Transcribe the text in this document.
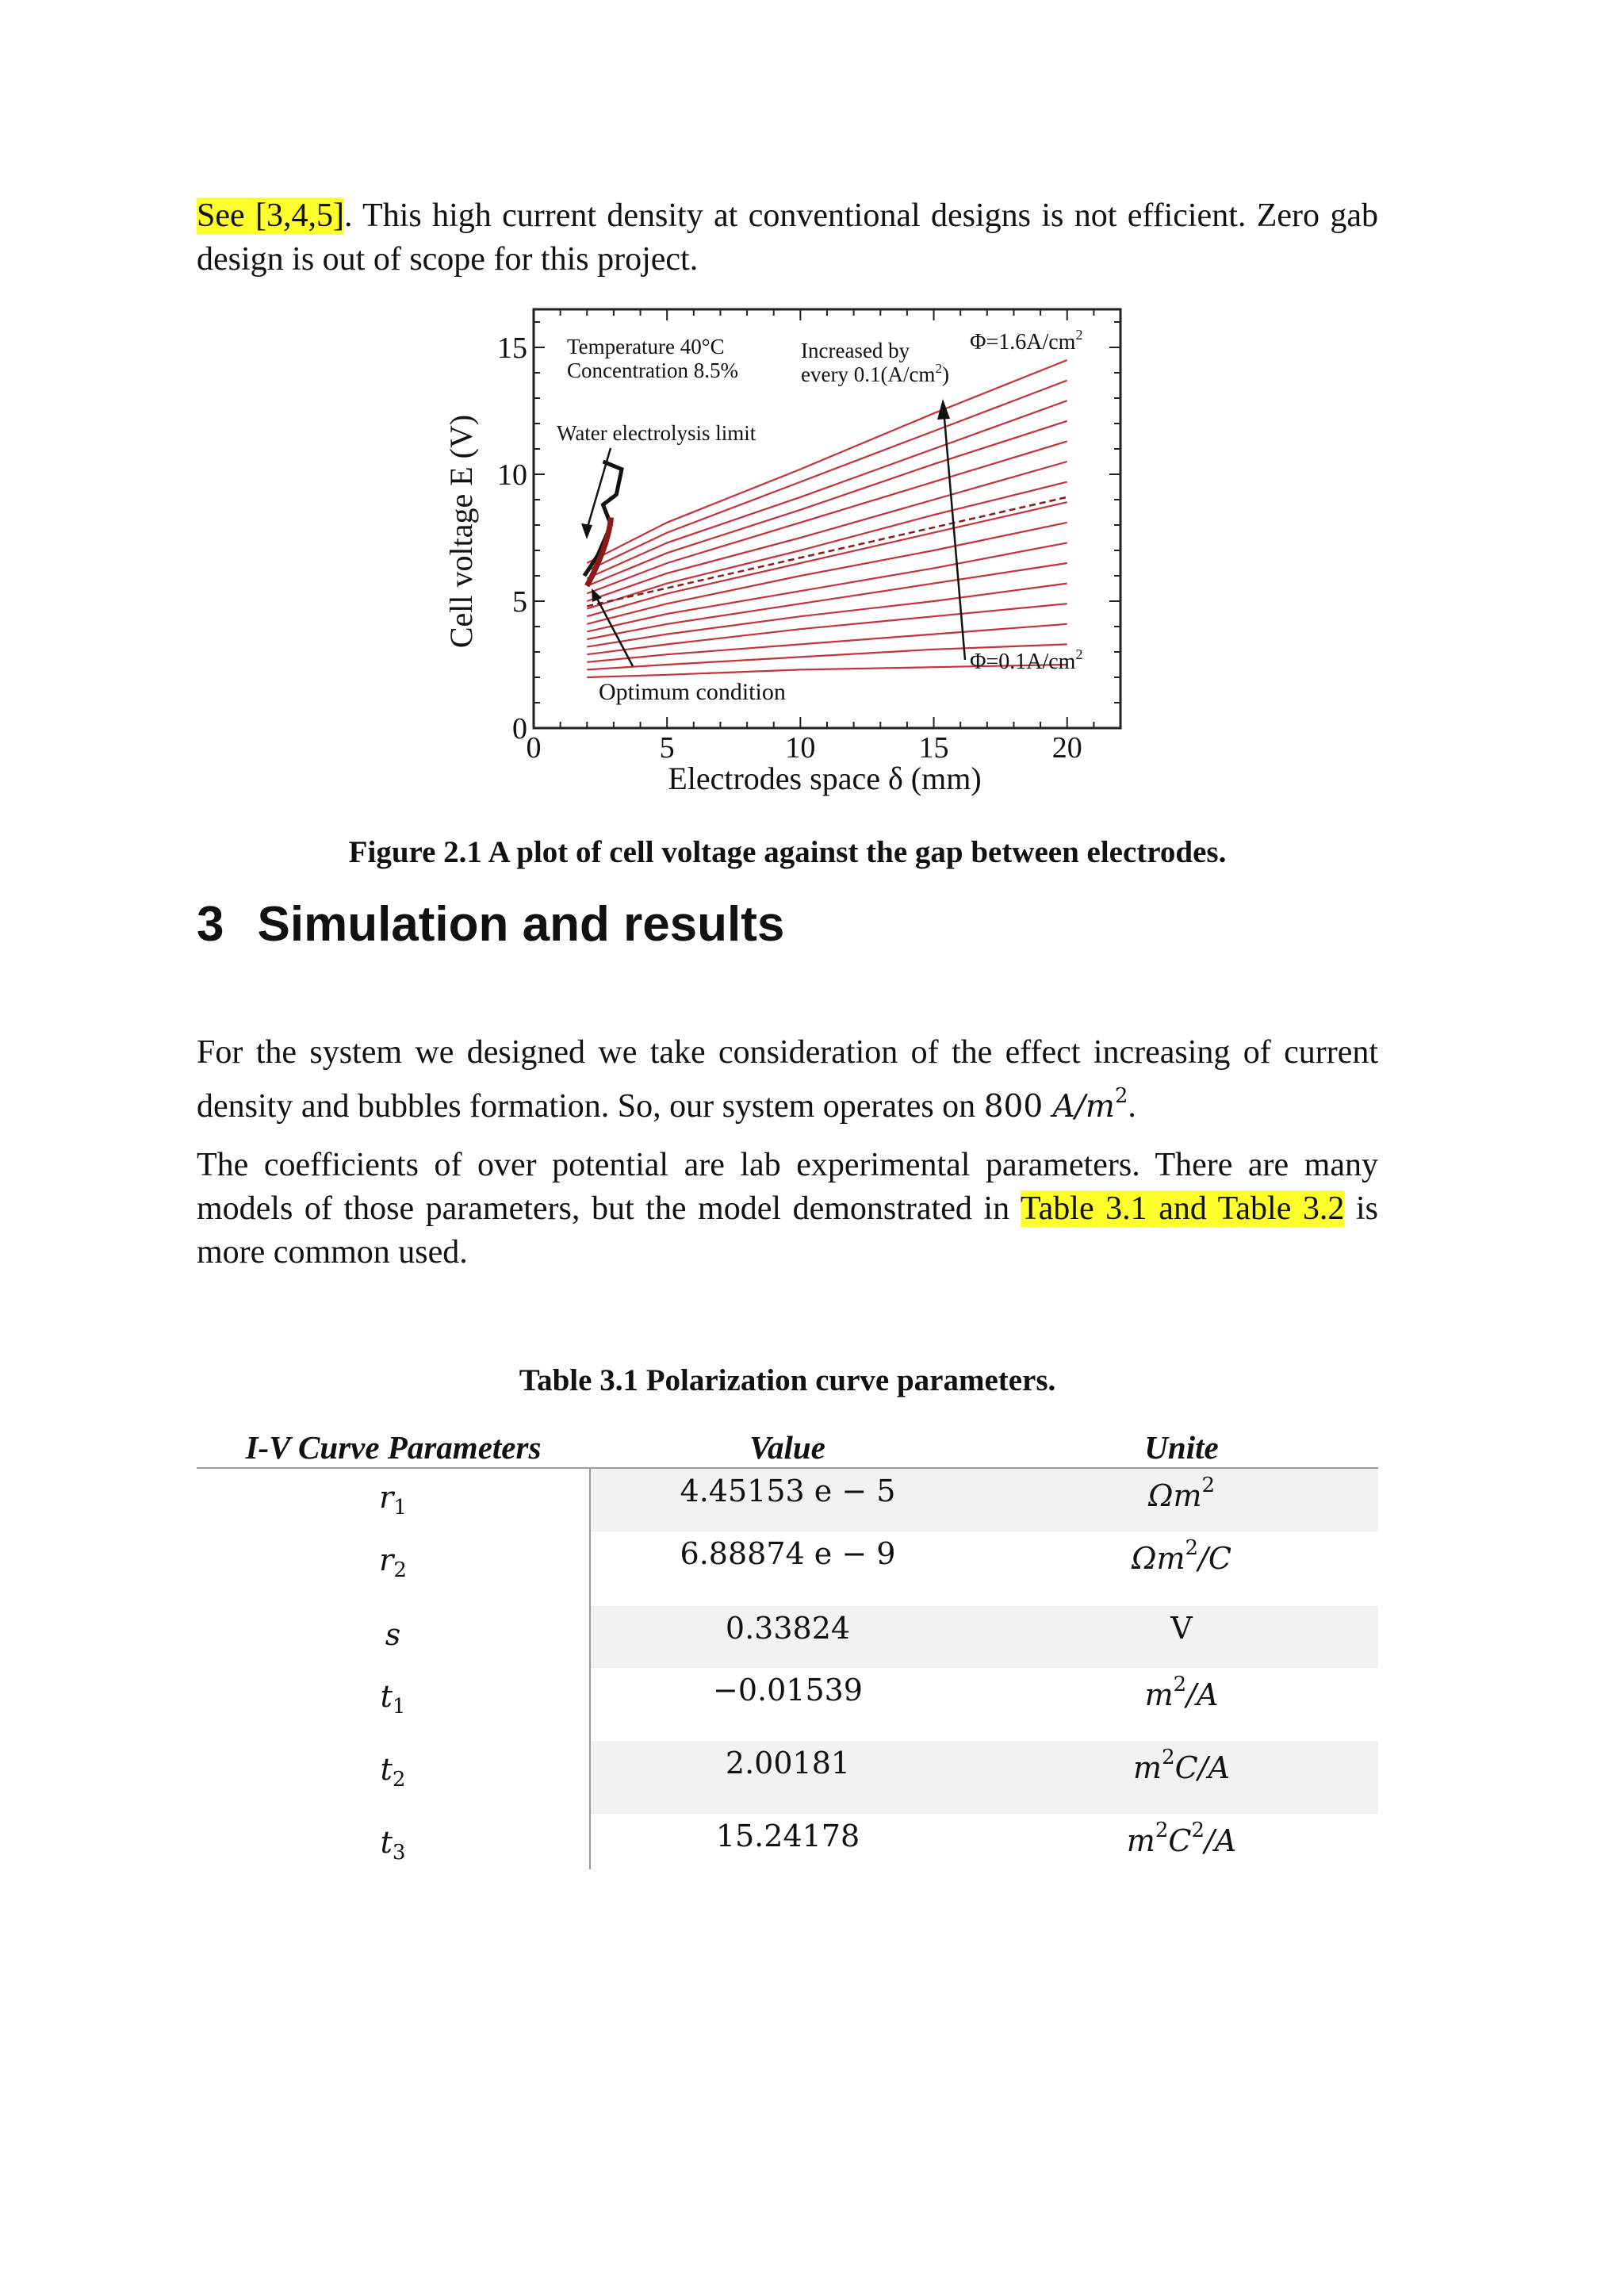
See [3,4,5]. This high current density at conventional designs is not efficient. Zero gab design is out of scope for this project.

Temperature 40°C
Concentration 8.5%
Increased by
every $0.1(A/cm^2)$
$\Phi=1.6A/cm^2$
Water electrolysis limit
$\Phi=0.1A/cm^2$
Optimum condition
0	5	10	15	20
0
5
10
15
Electrodes space δ (mm)
Cell voltage E (V)
Figure 2.1 A plot of cell voltage against the gap between electrodes.
3 Simulation and results

For the system we designed we take consideration of the effect increasing of current density and bubbles formation. So, our system operates on 800 $A/m^2$.

The coefficients of over potential are lab experimental parameters. There are many models of those parameters, but the model demonstrated in Table 3.1 and Table 3.2 is more common used.

Table 3.1 Polarization curve parameters.
I-V Curve Parameters	Value	Unite

$r_1$	4.45153 e − 5	$\Omega m^2$

$r_2$	6.88874 e − 9	$\Omega m^2/C$

s	0.33824	V

$t_1$	−0.01539	$m^2/A$

$t_2$	2.00181	$m^2C/A$

$t_3$	15.24178	$m^2C^2/A$
